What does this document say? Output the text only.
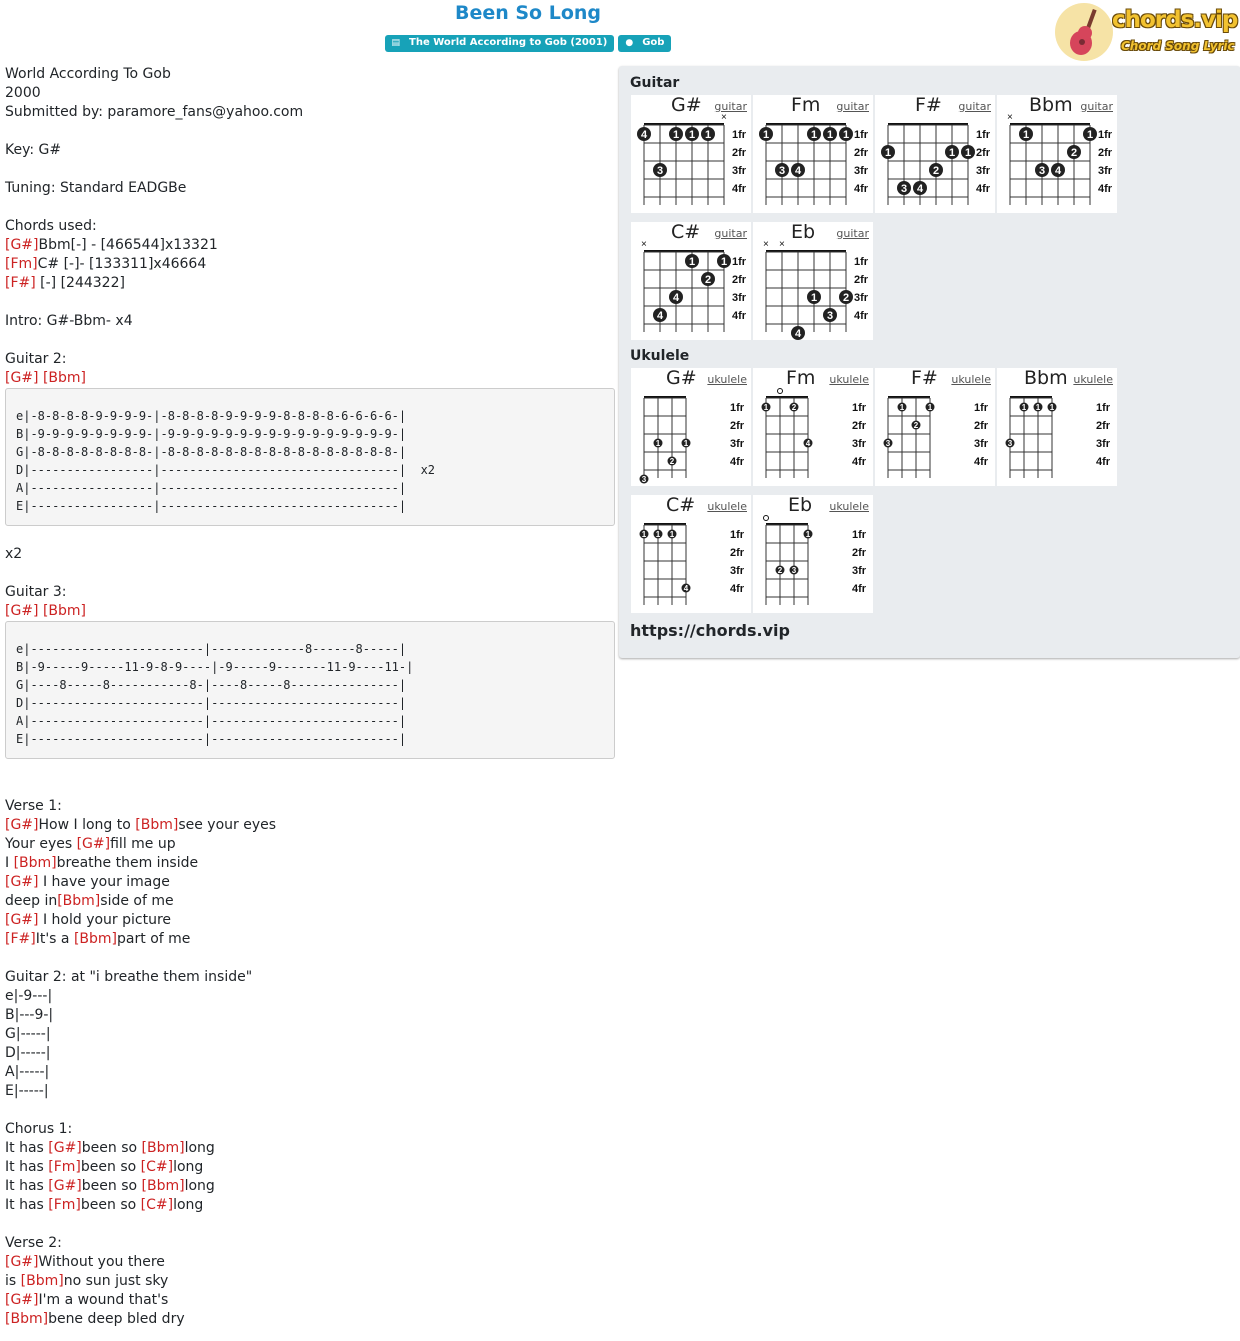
Been So Long
▤ The World According to Gob (2001) ● Gob
chords.vip
Chord Song Lyric
World According To Gob
2000
Submitted by: paramore_fans@yahoo.com
Key: G#
Tuning: Standard EADGBe
Chords used:
[G#]Bbm[-] - [466544]x13321
[Fm]C# [-]- [133311]x46664
[F#] [-] [244322]
Intro: G#-Bbm- x4
Guitar 2:
[G#] [Bbm]
e|-8-8-8-8-9-9-9-9-|-8-8-8-8-9-9-9-9-8-8-8-8-6-6-6-6-|
B|-9-9-9-9-9-9-9-9-|-9-9-9-9-9-9-9-9-9-9-9-9-9-9-9-9-|
G|-8-8-8-8-8-8-8-8-|-8-8-8-8-8-8-8-8-8-8-8-8-8-8-8-8-|
D|-----------------|---------------------------------|  x2
A|-----------------|---------------------------------|
E|-----------------|---------------------------------|
x2
Guitar 3:
[G#] [Bbm]
e|------------------------|-------------8------8-----|
B|-9-----9-----11-9-8-9----|-9-----9-------11-9----11-|
G|----8-----8-----------8-|----8-----8---------------|
D|------------------------|--------------------------|
A|------------------------|--------------------------|
E|------------------------|--------------------------|
Verse 1:
[G#]How I long to [Bbm]see your eyes
Your eyes [G#]fill me up
I [Bbm]breathe them inside
[G#] I have your image
deep in[Bbm]side of me
[G#] I hold your picture
[F#]It's a [Bbm]part of me
Guitar 2: at "i breathe them inside"
e|-9---|
B|---9-|
G|-----|
D|-----|
A|-----|
E|-----|
Chorus 1:
It has [G#]been so [Bbm]long
It has [Fm]been so [C#]long
It has [G#]been so [Bbm]long
It has [Fm]been so [C#]long
Verse 2:
[G#]Without you there
is [Bbm]no sun just sky
[G#]I'm a wound that's
[Bbm]bene deep bled dry
Guitar
G# guitar
1fr
2fr
3fr
4fr
×
4
3
1 1 1
Fm guitar
1fr
2fr
3fr
4fr
1
3 4
1 1 1
F# guitar
1fr
2fr
3fr
4fr
1
3 4
2
1 1
Bbm guitar
1fr
2fr
3fr
4fr
×
1
3 4
2
1
C# guitar
1fr
2fr
3fr
4fr
×
4
4
1
2
1
Eb guitar
1fr
2fr
3fr
4fr
× ×
4
1
3
2
Ukulele
G# ukulele
1fr
2fr
3fr
4fr
3
1
2
1
Fm ukulele
1fr
2fr
3fr
4fr
1	2
4
F# ukulele
1fr
2fr
3fr
4fr
3
1
2
1
Bbm ukulele
1fr
2fr
3fr
4fr
3
1 1 1
C# ukulele
1fr
2fr
3fr
4fr
1 1 1
4
Eb ukulele
1fr
2fr
3fr
4fr
2 3
1
https://chords.vip
